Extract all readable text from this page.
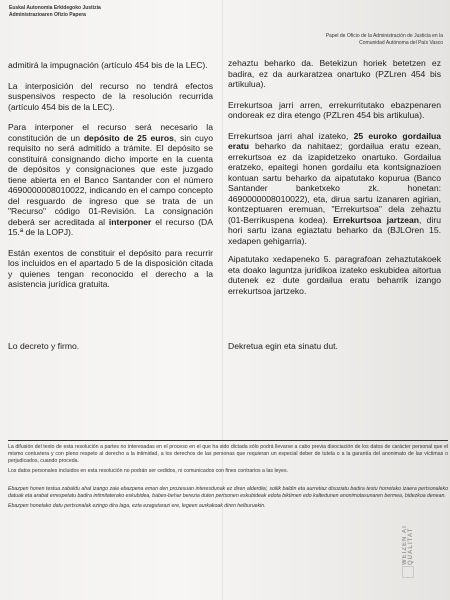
Euskal Autonomia Erkidegoko Justizia
Administrazioaren Ofizio Papera
Papel de Oficio de la Administración de Justicia en la
Comunidad Autónoma del País Vasco

admitirá la impugnación (artículo 454 bis de la LEC).

La interposición del recurso no tendrá efectos suspensivos respecto de la resolución recurrida (artículo 454 bis de la LEC).

Para interponer el recurso será necesario la constitución de un depósito de 25 euros, sin cuyo requisito no será admitido a trámite. El depósito se constituirá consignando dicho importe en la cuenta de depósitos y consignaciones que este juzgado tiene abierta en el Banco Santander con el número 4690000008010022, indicando en el campo concepto del resguardo de ingreso que se trata de un "Recurso" código 01-Revisión. La consignación deberá ser acreditada al interponer el recurso (DA 15.ª de la LOPJ).

Están exentos de constituir el depósito para recurrir los incluidos en el apartado 5 de la disposición citada y quienes tengan reconocido el derecho a la asistencia jurídica gratuita.

zehaztu beharko da. Betekizun horiek betetzen ez badira, ez da aurkaratzea onartuko (PZLren 454 bis artikulua).

Errekurtsoa jarri arren, errekurritutako ebazpenaren ondoreak ez dira etengo (PZLren 454 bis artikulua).

Errekurtsoa jarri ahal izateko, 25 euroko gordailua eratu beharko da nahitaez; gordailua eratu ezean, errekurtsoa ez da izapidetzeko onartuko. Gordailua eratzeko, epaitegi honen gordailu eta kontsignazioen kontuan sartu beharko da aipatutako kopurua (Banco Santander banketxeko zk. honetan: 4690000008010022), eta, dirua sartu izanaren agirian, kontzeptuaren eremuan, "Errekurtsoa" dela zehaztu (01-Berrikuspena kodea). Errekurtsoa jartzean, diru hori sartu izana egiaztatu beharko da (BJLOren 15. xedapen gehigarria).

Aipatutako xedapeneko 5. paragrafoan zehaztutakoek eta doako laguntza juridikoa izateko eskubidea aitortua dutenek ez dute gordailua eratu beharrik izango errekurtsoa jartzeko.

Lo decreto y firmo.	Dekretua egin eta sinatu dut.

La difusión del texto de esta resolución a partes no interesadas en el proceso en el que ha sido dictada sólo podrá llevarse a cabo previa disociación de los datos de carácter personal que el mismo contuviera y con pleno respeto al derecho a la intimidad, a los derechos de las personas que requieran un especial deber de tutela o a la garantía del anonimato de las víctimas o perjudicados, cuando proceda.

Los datos personales incluidos en esta resolución no podrán ser cedidos, ni comunicados con fines contrarios a las leyes.

Ebazpen honen testua zabaldu ahal izango zaie ebazpena eman den prozesuan interesdunak ez diren alderdiei, soilik baldin eta aurretiaz disoziatu badira testu horretako izaera pertsonaleko datuak eta arabat errespetatu badira intimitaterako eskubidea, babes-behar berezia duten pertsonen eskubideak edota biktimen edo kaltedunen anonimotasunaren bermea, bidezkoa denean.

Ebazpen honetako datu pertsonalak ezingo dira laga, ezta ezagutarazi ere, legeen aurkakoak diren helburuekin.

WEIZEN AI QUALITAT
